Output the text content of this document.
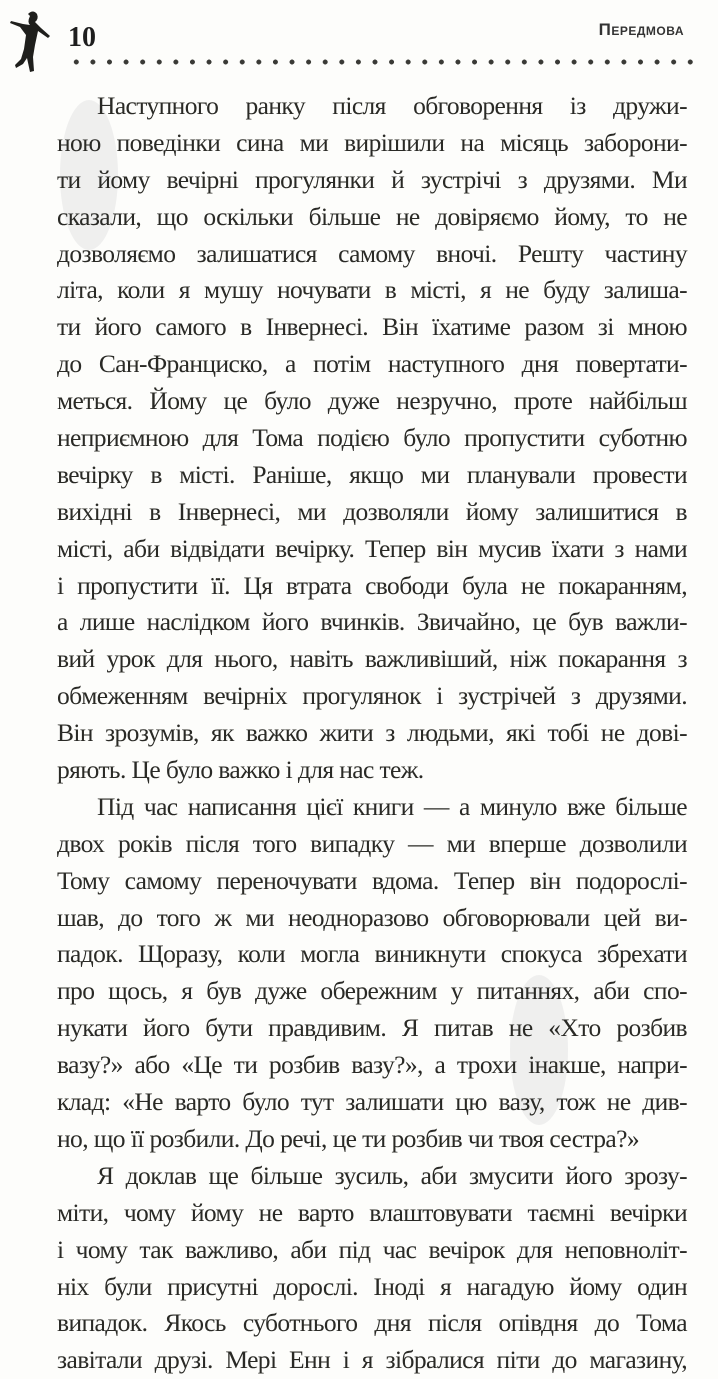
10	Передмова
Наступного ранку після обговорення із дружи-
ною поведінки сина ми вирішили на місяць заборони-
ти йому вечірні прогулянки й зустрічі з друзями. Ми
сказали, що оскільки більше не довіряємо йому, то не
дозволяємо залишатися самому вночі. Решту частину
літа, коли я мушу ночувати в місті, я не буду залиша-
ти його самого в Інвернесі. Він їхатиме разом зі мною
до Сан-Франциско, а потім наступного дня повертати-
меться. Йому це було дуже незручно, проте найбільш
неприємною для Тома подією було пропустити суботню
вечірку в місті. Раніше, якщо ми планували провести
вихідні в Інвернесі, ми дозволяли йому залишитися в
місті, аби відвідати вечірку. Тепер він мусив їхати з нами
і пропустити її. Ця втрата свободи була не покаранням,
а лише наслідком його вчинків. Звичайно, це був важли-
вий урок для нього, навіть важливіший, ніж покарання з
обмеженням вечірніх прогулянок і зустрічей з друзями.
Він зрозумів, як важко жити з людьми, які тобі не дові-
ряють. Це було важко і для нас теж.
Під час написання цієї книги — а минуло вже більше
двох років після того випадку — ми вперше дозволили
Тому самому переночувати вдома. Тепер він подорослі-
шав, до того ж ми неодноразово обговорювали цей ви-
падок. Щоразу, коли могла виникнути спокуса збрехати
про щось, я був дуже обережним у питаннях, аби спо-
нукати його бути правдивим. Я питав не «Хто розбив
вазу?» або «Це ти розбив вазу?», а трохи інакше, напри-
клад: «Не варто було тут залишати цю вазу, тож не див-
но, що її розбили. До речі, це ти розбив чи твоя сестра?»
Я доклав ще більше зусиль, аби змусити його зрозу-
міти, чому йому не варто влаштовувати таємні вечірки
і чому так важливо, аби під час вечірок для неповноліт-
ніх були присутні дорослі. Іноді я нагадую йому один
випадок. Якось суботнього дня після опівдня до Тома
завітали друзі. Мері Енн і я зібралися піти до магазину,
